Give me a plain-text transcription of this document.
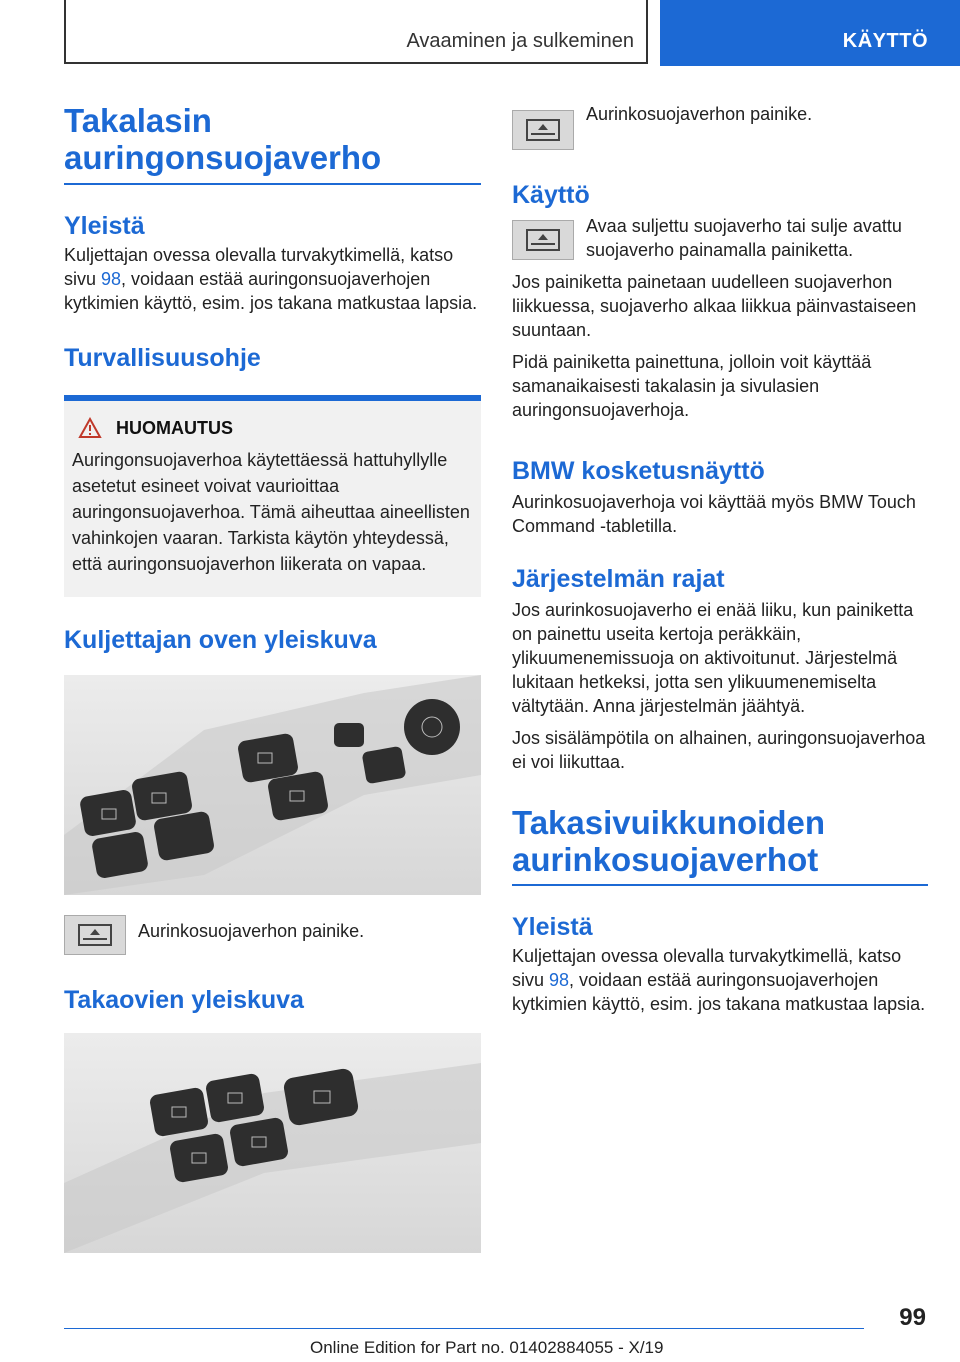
Avaaminen ja sulkeminen	KÄYTTÖ
Takalasin auringonsuojaverho
Yleistä

Kuljettajan ovessa olevalla turvakytkimellä, katso sivu 98, voidaan estää auringonsuojaverhojen kytkimien käyttö, esim. jos takana matkustaa lapsia.

Turvallisuusohje
HUOMAUTUS
Auringonsuojaverhoa käytettäessä hattuhyllylle asetetut esineet voivat vaurioittaa auringonsuojaverhoa. Tämä aiheuttaa aineellisten vahinkojen vaaran. Tarkista käytön yhteydessä, että auringonsuojaverhon liikerata on vapaa.
Kuljettajan oven yleiskuva
Aurinkosuojaverhon painike.
Takaovien yleiskuva
Aurinkosuojaverhon painike.
Käyttö
Avaa suljettu suojaverho tai sulje avattu suojaverho painamalla painiketta.

Jos painiketta painetaan uudelleen suojaverhon liikkuessa, suojaverho alkaa liikkua päinvastaiseen suuntaan.

Pidä painiketta painettuna, jolloin voit käyttää samanaikaisesti takalasin ja sivulasien auringonsuojaverhoja.

BMW kosketusnäyttö

Aurinkosuojaverhoja voi käyttää myös BMW Touch Command -tabletilla.

Järjestelmän rajat

Jos aurinkosuojaverho ei enää liiku, kun painiketta on painettu useita kertoja peräkkäin, ylikuumenemissuoja on aktivoitunut. Järjestelmä lukitaan hetkeksi, jotta sen ylikuumenemiselta vältytään. Anna järjestelmän jäähtyä.

Jos sisälämpötila on alhainen, auringonsuojaverhoa ei voi liikuttaa.

Takasivuikkunoiden aurinkosuojaverhot
Yleistä

Kuljettajan ovessa olevalla turvakytkimellä, katso sivu 98, voidaan estää auringonsuojaverhojen kytkimien käyttö, esim. jos takana matkustaa lapsia.

99
Online Edition for Part no. 01402884055 - X/19
